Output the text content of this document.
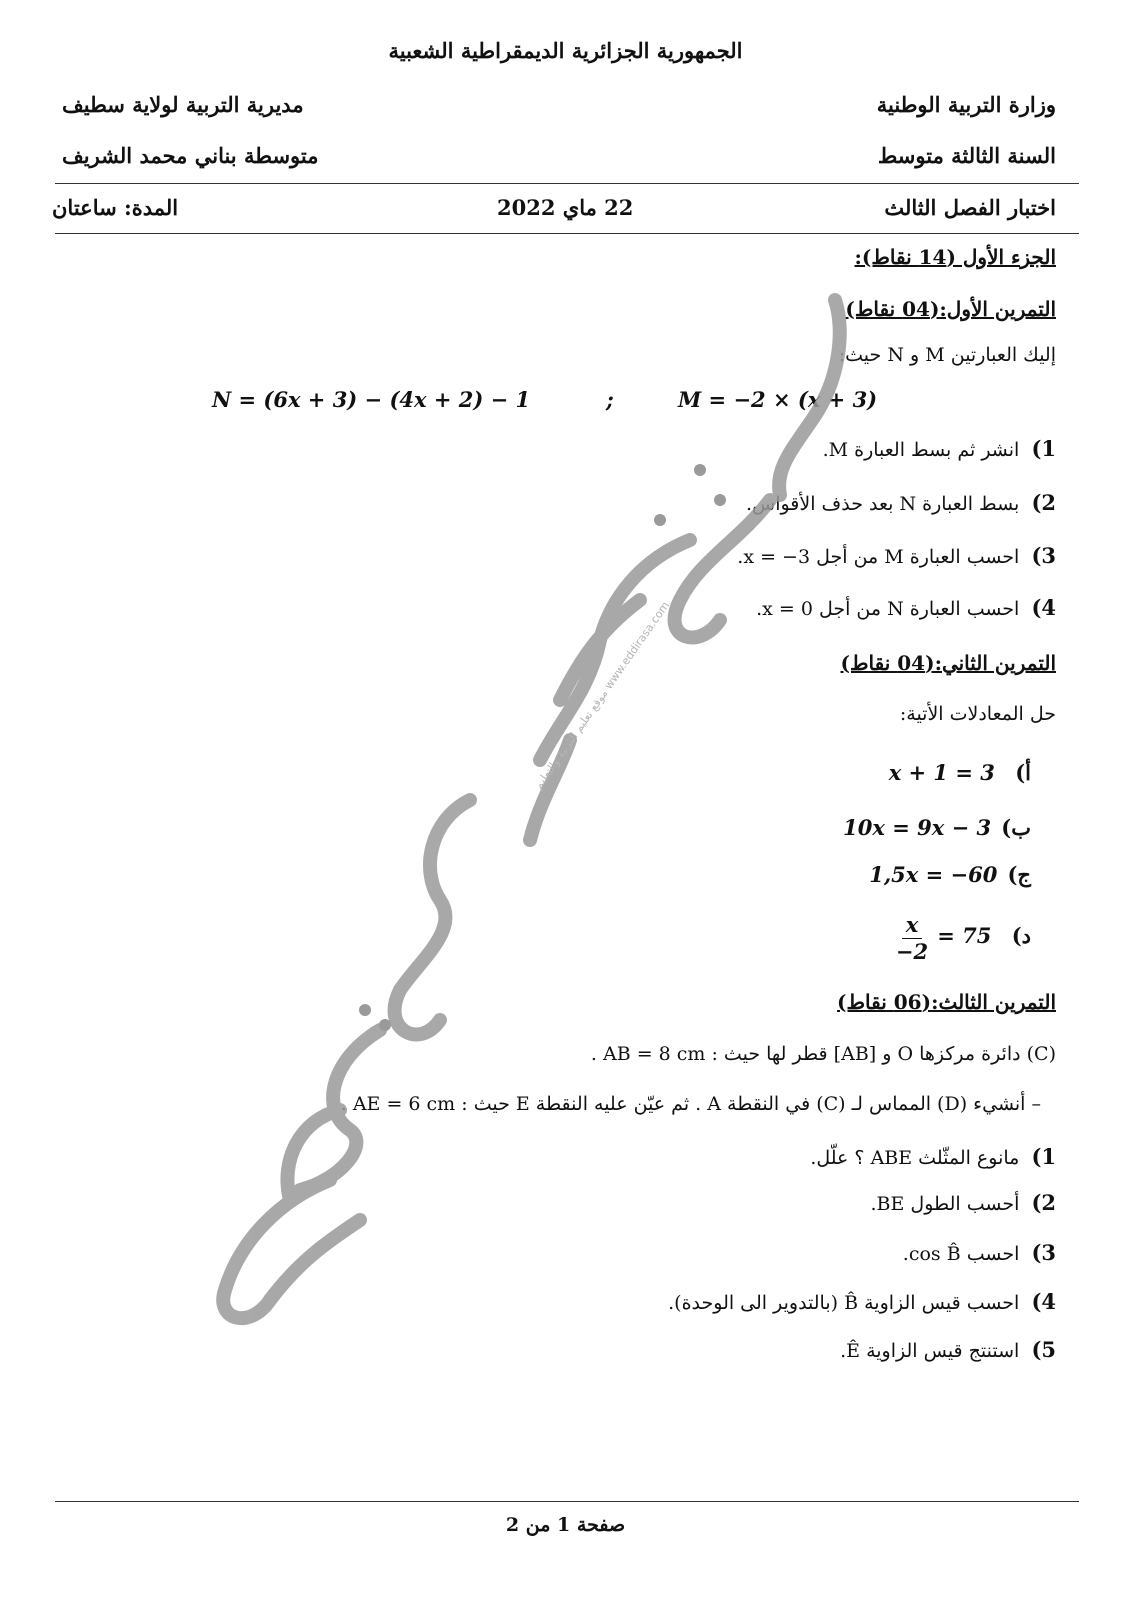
الجمهورية الجزائرية الديمقراطية الشعبية
وزارة التربية الوطنية
مديرية التربية لولاية سطيف
السنة الثالثة متوسط
متوسطة بناني محمد الشريف
اختبار الفصل الثالث
22 ماي 2022
المدة: ساعتان
الجزء الأول (14 نقاط):
التمرين الأول:(04 نقاط)
إليك العبارتين M و N حيث:
N = (6x + 3) − (4x + 2) − 1	;	M = −2 × (x + 3)
1)  انشر ثم بسط العبارة M.
2)  بسط العبارة N بعد حذف الأقواس.
3)  احسب العبارة M من أجل x = −3.
4)  احسب العبارة N من أجل x = 0.
التمرين الثاني:(04 نقاط)
حل المعادلات الأتية:
x + 1 = 3 أ)
10x = 9x − 3 ب)
1,5x = −60 ج)
$\frac{x}{-2} = 75$ د)
التمرين الثالث:(06 نقاط)
(C) دائرة مركزها O و [AB] قطر لها حيث : AB = 8 cm .
– أنشيء (D) المماس لـ (C) في النقطة A . ثم عيّن عليه النقطة E حيث : AE = 6 cm .
1)  مانوع المثّلث ABE ؟ علّل.
2)  أحسب الطول BE.
3)  احسب cos B̂.
4)  احسب قيس الزاوية B̂ (بالتدوير الى الوحدة).
5)  استنتج قيس الزاوية Ê.
صفحة 1 من 2
موقع تعليم التربية والتعليم www.eddirasa.com
